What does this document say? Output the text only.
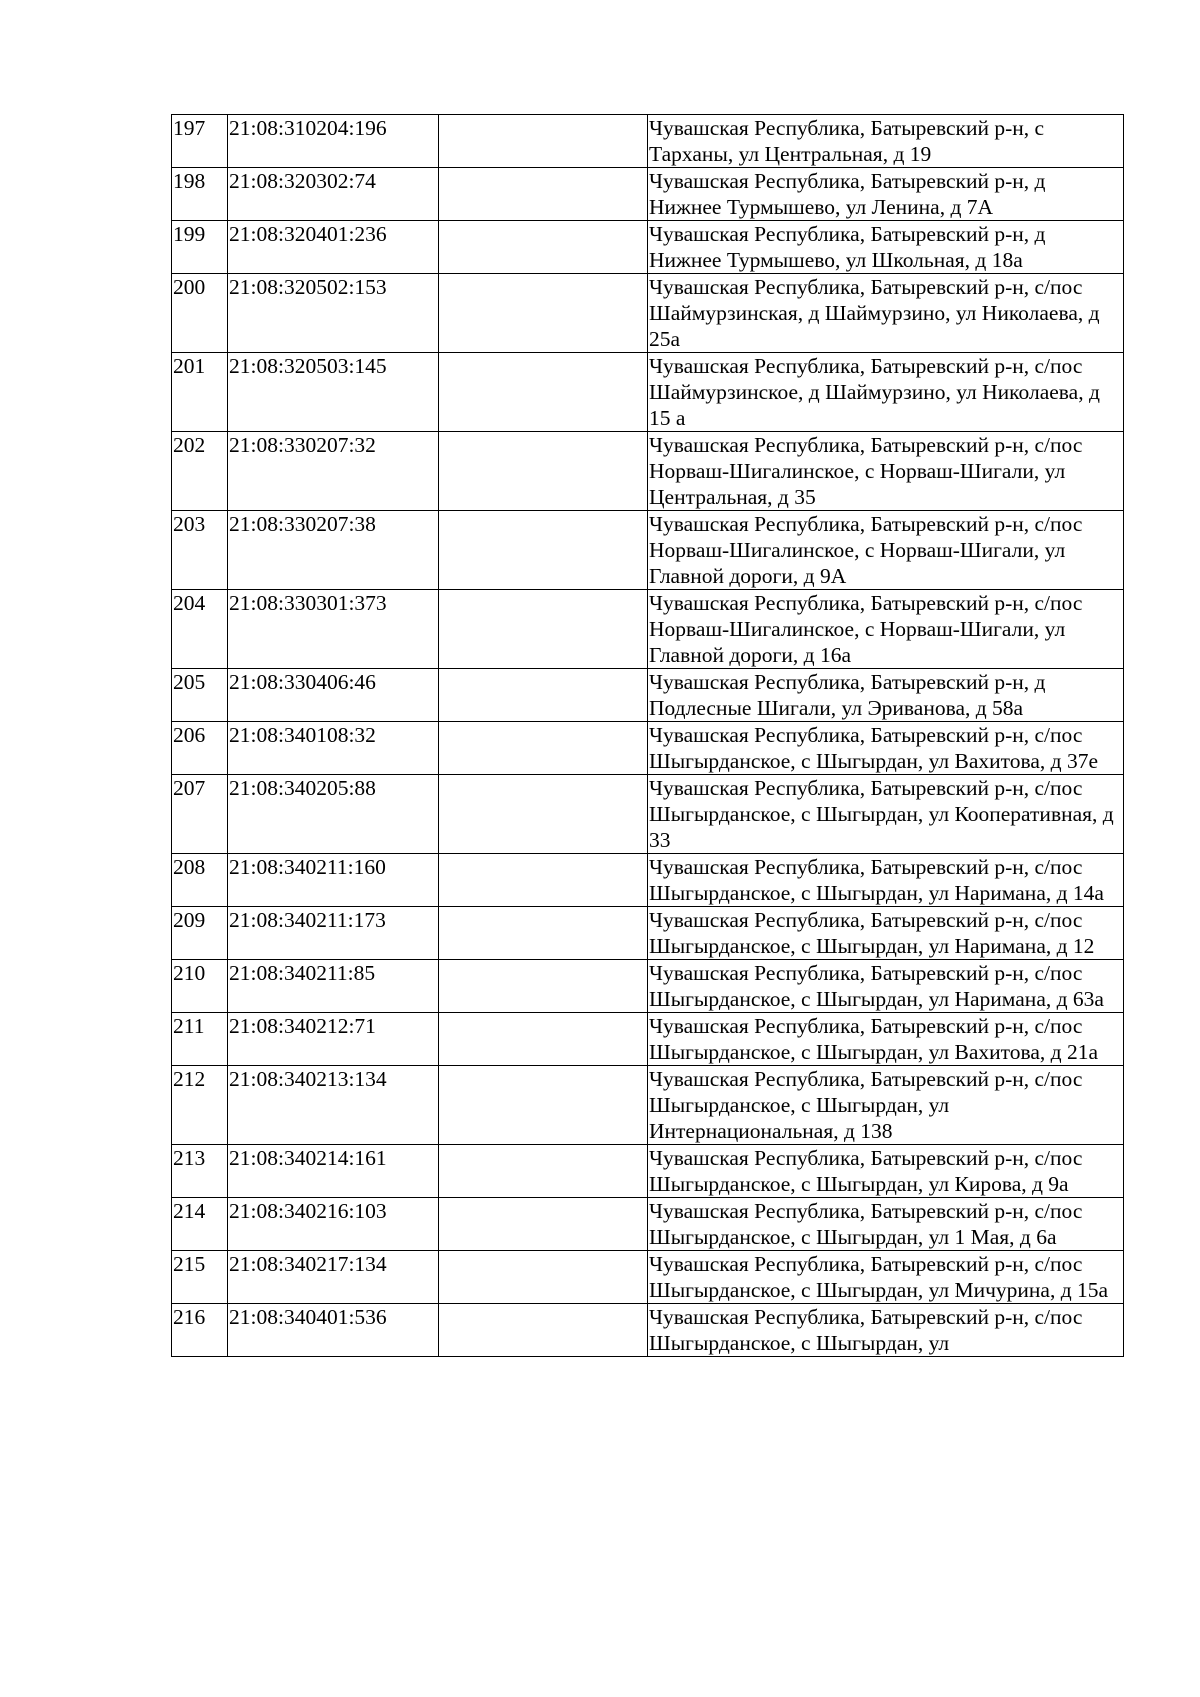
197	21:08:310204:196		Чувашская Республика, Батыревский р-н, с Тарханы, ул Центральная, д 19
198	21:08:320302:74		Чувашская Республика, Батыревский р-н, д Нижнее Турмышево, ул Ленина, д 7А
199	21:08:320401:236		Чувашская Республика, Батыревский р-н, д Нижнее Турмышево, ул Школьная, д 18а
200	21:08:320502:153		Чувашская Республика, Батыревский р-н, с/пос Шаймурзинская, д Шаймурзино, ул Николаева, д 25а
201	21:08:320503:145		Чувашская Республика, Батыревский р-н, с/пос Шаймурзинское, д Шаймурзино, ул Николаева, д 15 а
202	21:08:330207:32		Чувашская Республика, Батыревский р-н, с/пос Норваш-Шигалинское, с Норваш-Шигали, ул Центральная, д 35
203	21:08:330207:38		Чувашская Республика, Батыревский р-н, с/пос Норваш-Шигалинское, с Норваш-Шигали, ул Главной дороги, д 9А
204	21:08:330301:373		Чувашская Республика, Батыревский р-н, с/пос Норваш-Шигалинское, с Норваш-Шигали, ул Главной дороги, д 16а
205	21:08:330406:46		Чувашская Республика, Батыревский р-н, д Подлесные Шигали, ул Эриванова, д 58а
206	21:08:340108:32		Чувашская Республика, Батыревский р-н, с/пос Шыгырданское, с Шыгырдан, ул Вахитова, д 37е
207	21:08:340205:88		Чувашская Республика, Батыревский р-н, с/пос Шыгырданское, с Шыгырдан, ул Кооперативная, д 33
208	21:08:340211:160		Чувашская Республика, Батыревский р-н, с/пос Шыгырданское, с Шыгырдан, ул Наримана, д 14а
209	21:08:340211:173		Чувашская Республика, Батыревский р-н, с/пос Шыгырданское, с Шыгырдан, ул Наримана, д 12
210	21:08:340211:85		Чувашская Республика, Батыревский р-н, с/пос Шыгырданское, с Шыгырдан, ул Наримана, д 63а
211	21:08:340212:71		Чувашская Республика, Батыревский р-н, с/пос Шыгырданское, с Шыгырдан, ул Вахитова, д 21а
212	21:08:340213:134		Чувашская Республика, Батыревский р-н, с/пос Шыгырданское, с Шыгырдан, ул Интернациональная, д 138
213	21:08:340214:161		Чувашская Республика, Батыревский р-н, с/пос Шыгырданское, с Шыгырдан, ул Кирова, д 9а
214	21:08:340216:103		Чувашская Республика, Батыревский р-н, с/пос Шыгырданское, с Шыгырдан, ул 1 Мая, д 6а
215	21:08:340217:134		Чувашская Республика, Батыревский р-н, с/пос Шыгырданское, с Шыгырдан, ул Мичурина, д 15а
216	21:08:340401:536		Чувашская Республика, Батыревский р-н, с/пос Шыгырданское, с Шыгырдан, ул
